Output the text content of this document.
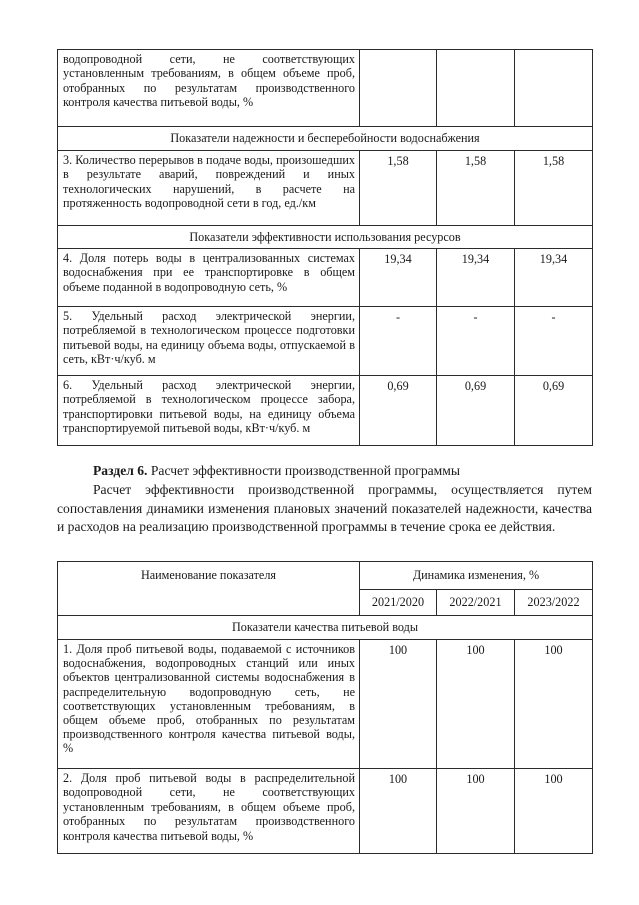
водопроводной сети, не соответствующих установленным требованиям, в общем объеме проб, отобранных по результатам производственного контроля качества питьевой воды, %			
Показатели надежности и бесперебойности водоснабжения			
3. Количество перерывов в подаче воды, произошедших в результате аварий, повреждений и иных технологических нарушений, в расчете на протяженность водопроводной сети в год, ед./км	1,58	1,58	1,58
Показатели эффективности использования ресурсов			
4. Доля потерь воды в централизованных системах водоснабжения при ее транспортировке в общем объеме поданной в водопроводную сеть, %	19,34	19,34	19,34
5. Удельный расход электрической энергии, потребляемой в технологическом процессе подготовки питьевой воды, на единицу объема воды, отпускаемой в сеть, кВт·ч/куб. м	-	-	-
6. Удельный расход электрической энергии, потребляемой в технологическом процессе забора, транспортировки питьевой воды, на единицу объема транспортируемой питьевой воды, кВт·ч/куб. м	0,69	0,69	0,69
Раздел 6. Расчет эффективности производственной программы
Расчет эффективности производственной программы, осуществляется путем сопоставления динамики изменения плановых значений показателей надежности, качества и расходов на реализацию производственной программы в течение срока ее действия.
Наименование показателя	Динамика изменения, %		
	2021/2020	2022/2021	2023/2022
Показатели качества питьевой воды			
1. Доля проб питьевой воды, подаваемой с источников водоснабжения, водопроводных станций или иных объектов централизованной системы водоснабжения в распределительную водопроводную сеть, не соответствующих установленным требованиям, в общем объеме проб, отобранных по результатам производственного контроля качества питьевой воды, %	100	100	100
2. Доля проб питьевой воды в распределительной водопроводной сети, не соответствующих установленным требованиям, в общем объеме проб, отобранных по результатам производственного контроля качества питьевой воды, %	100	100	100
